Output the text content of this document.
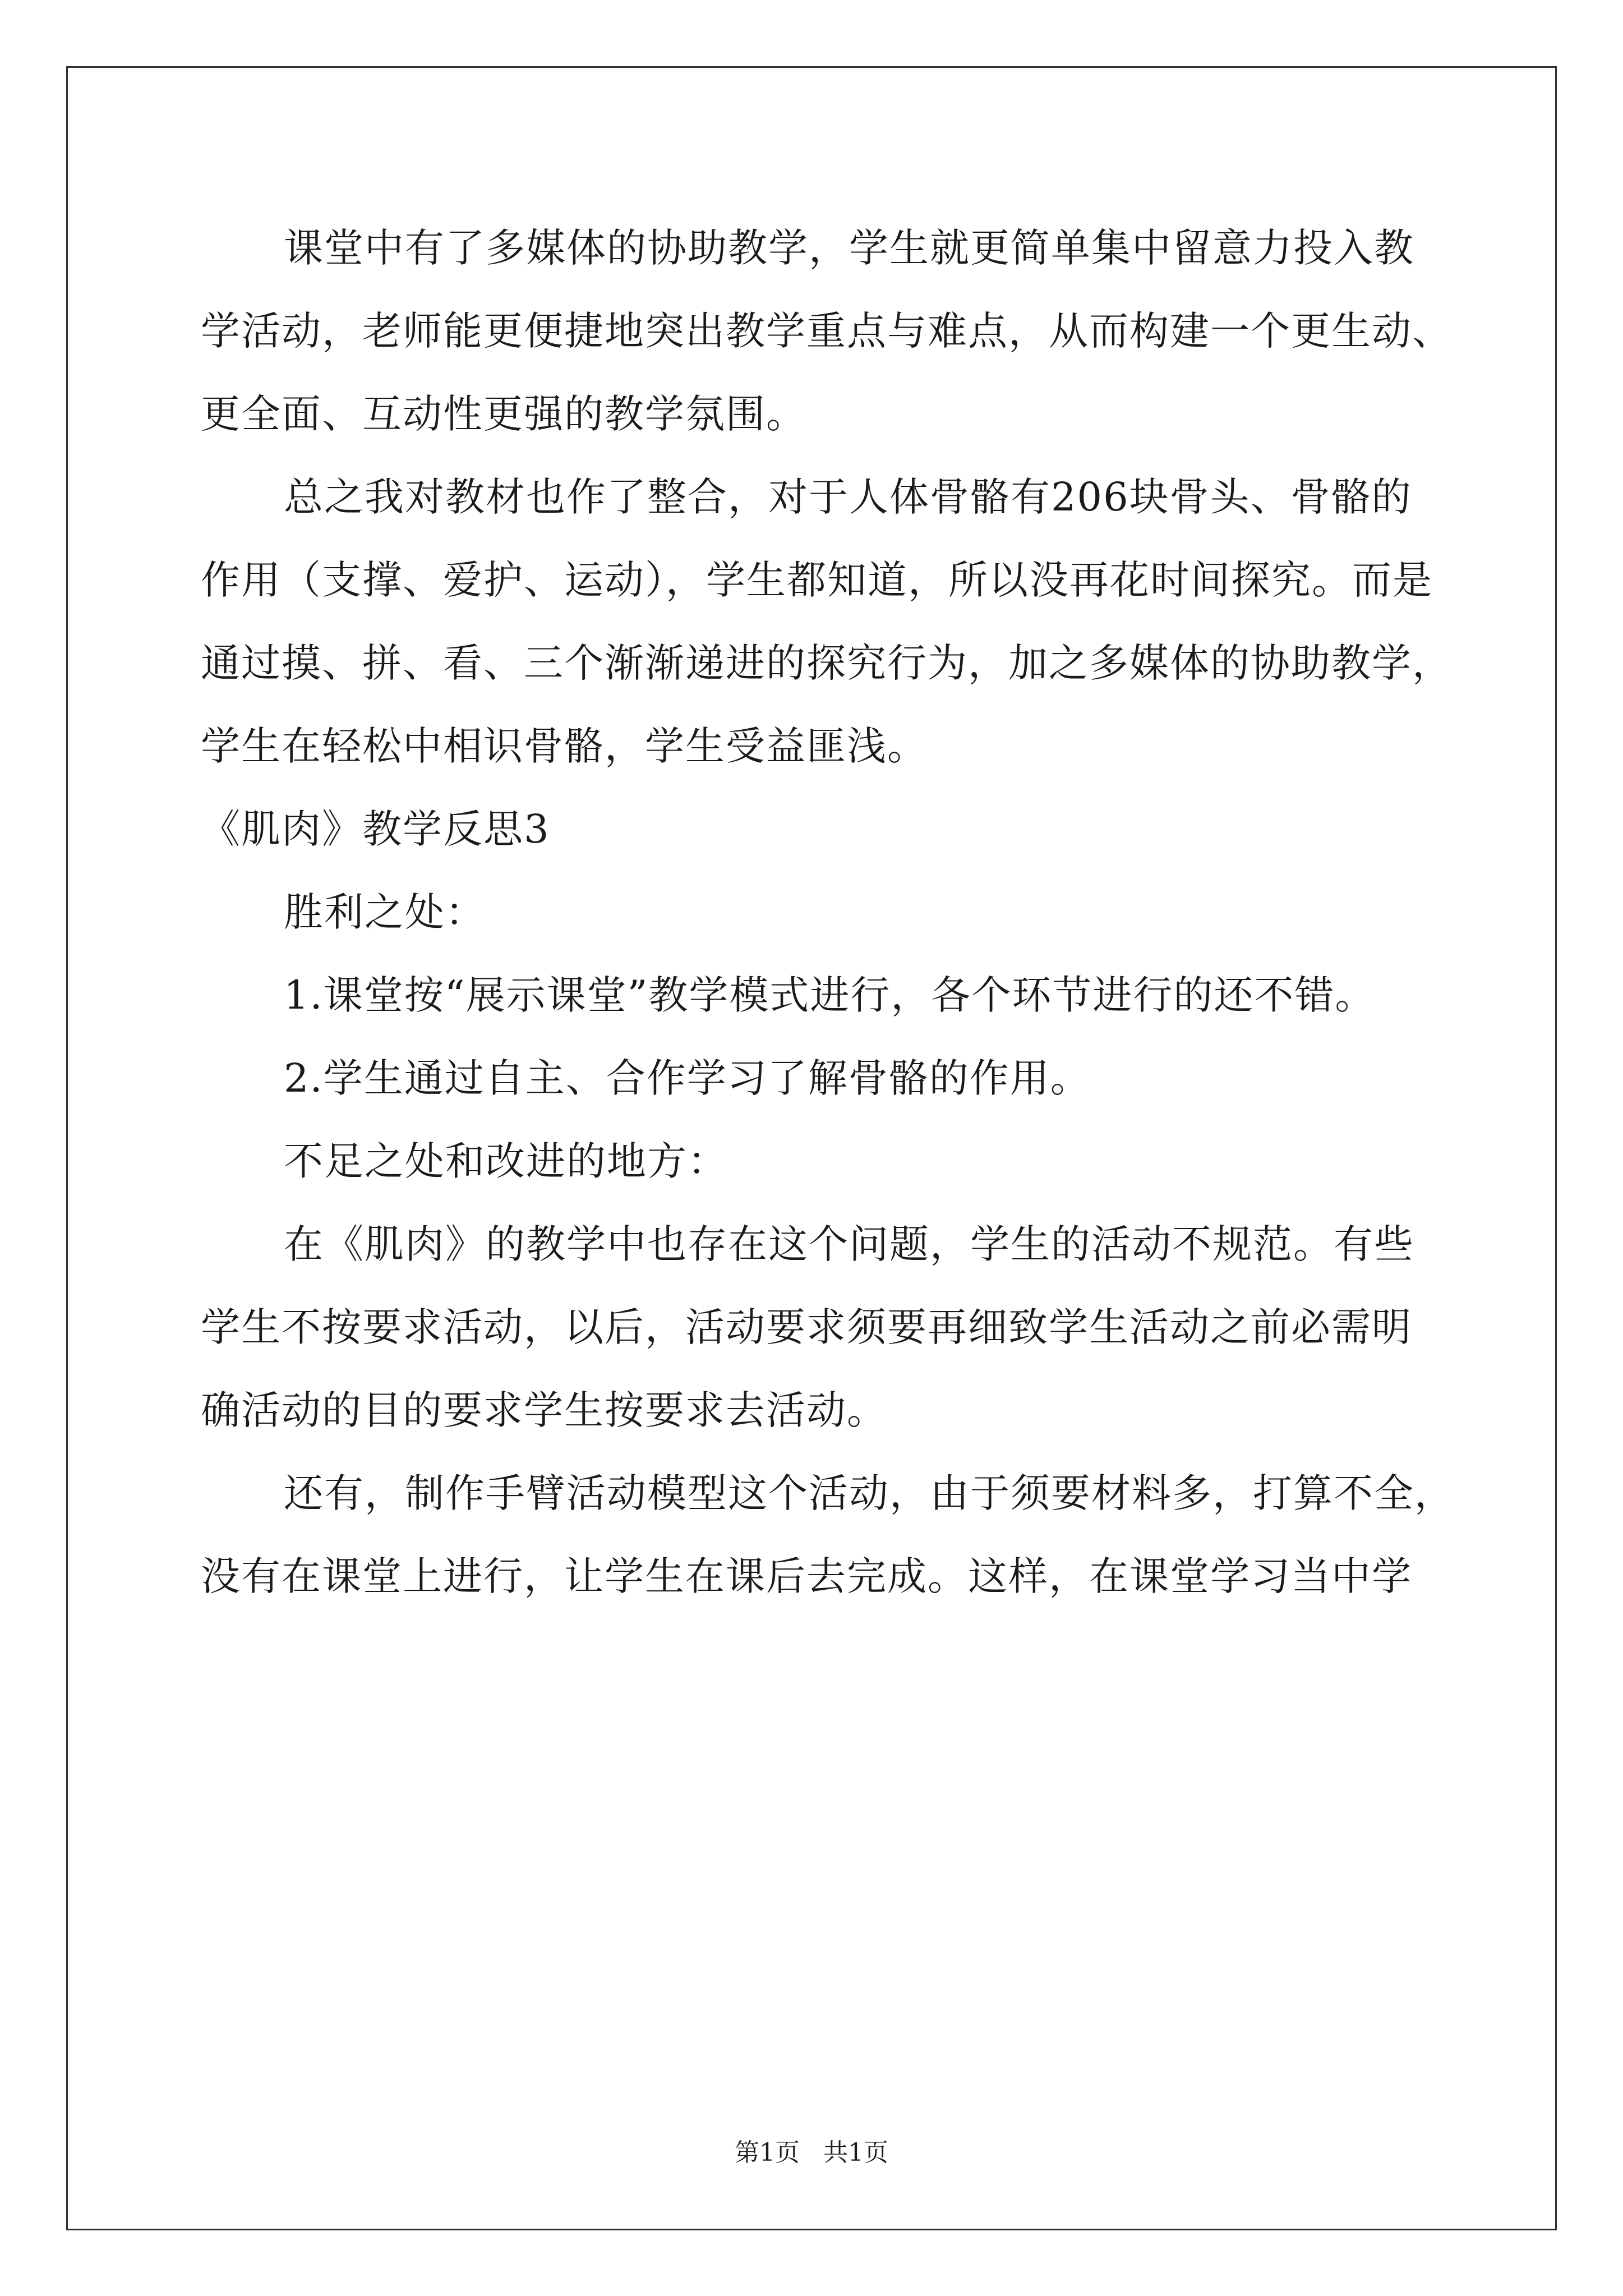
课堂中有了多媒体的协助教学，学生就更简单集中留意力投入教
学活动，老师能更便捷地突出教学重点与难点，从而构建一个更生动、
更全面、互动性更强的教学氛围。
总之我对教材也作了整合，对于人体骨骼有206块骨头、骨骼的
作用（支撑、爱护、运动），学生都知道，所以没再花时间探究。而是
通过摸、拼、看、三个渐渐递进的探究行为，加之多媒体的协助教学，
学生在轻松中相识骨骼，学生受益匪浅。
《肌肉》教学反思3
胜利之处：
1.课堂按“展示课堂”教学模式进行，各个环节进行的还不错。
2.学生通过自主、合作学习了解骨骼的作用。
不足之处和改进的地方：
在《肌肉》的教学中也存在这个问题，学生的活动不规范。有些
学生不按要求活动，以后，活动要求须要再细致学生活动之前必需明
确活动的目的要求学生按要求去活动。
还有，制作手臂活动模型这个活动，由于须要材料多，打算不全，
没有在课堂上进行，让学生在课后去完成。这样，在课堂学习当中学
第1页   共1页
